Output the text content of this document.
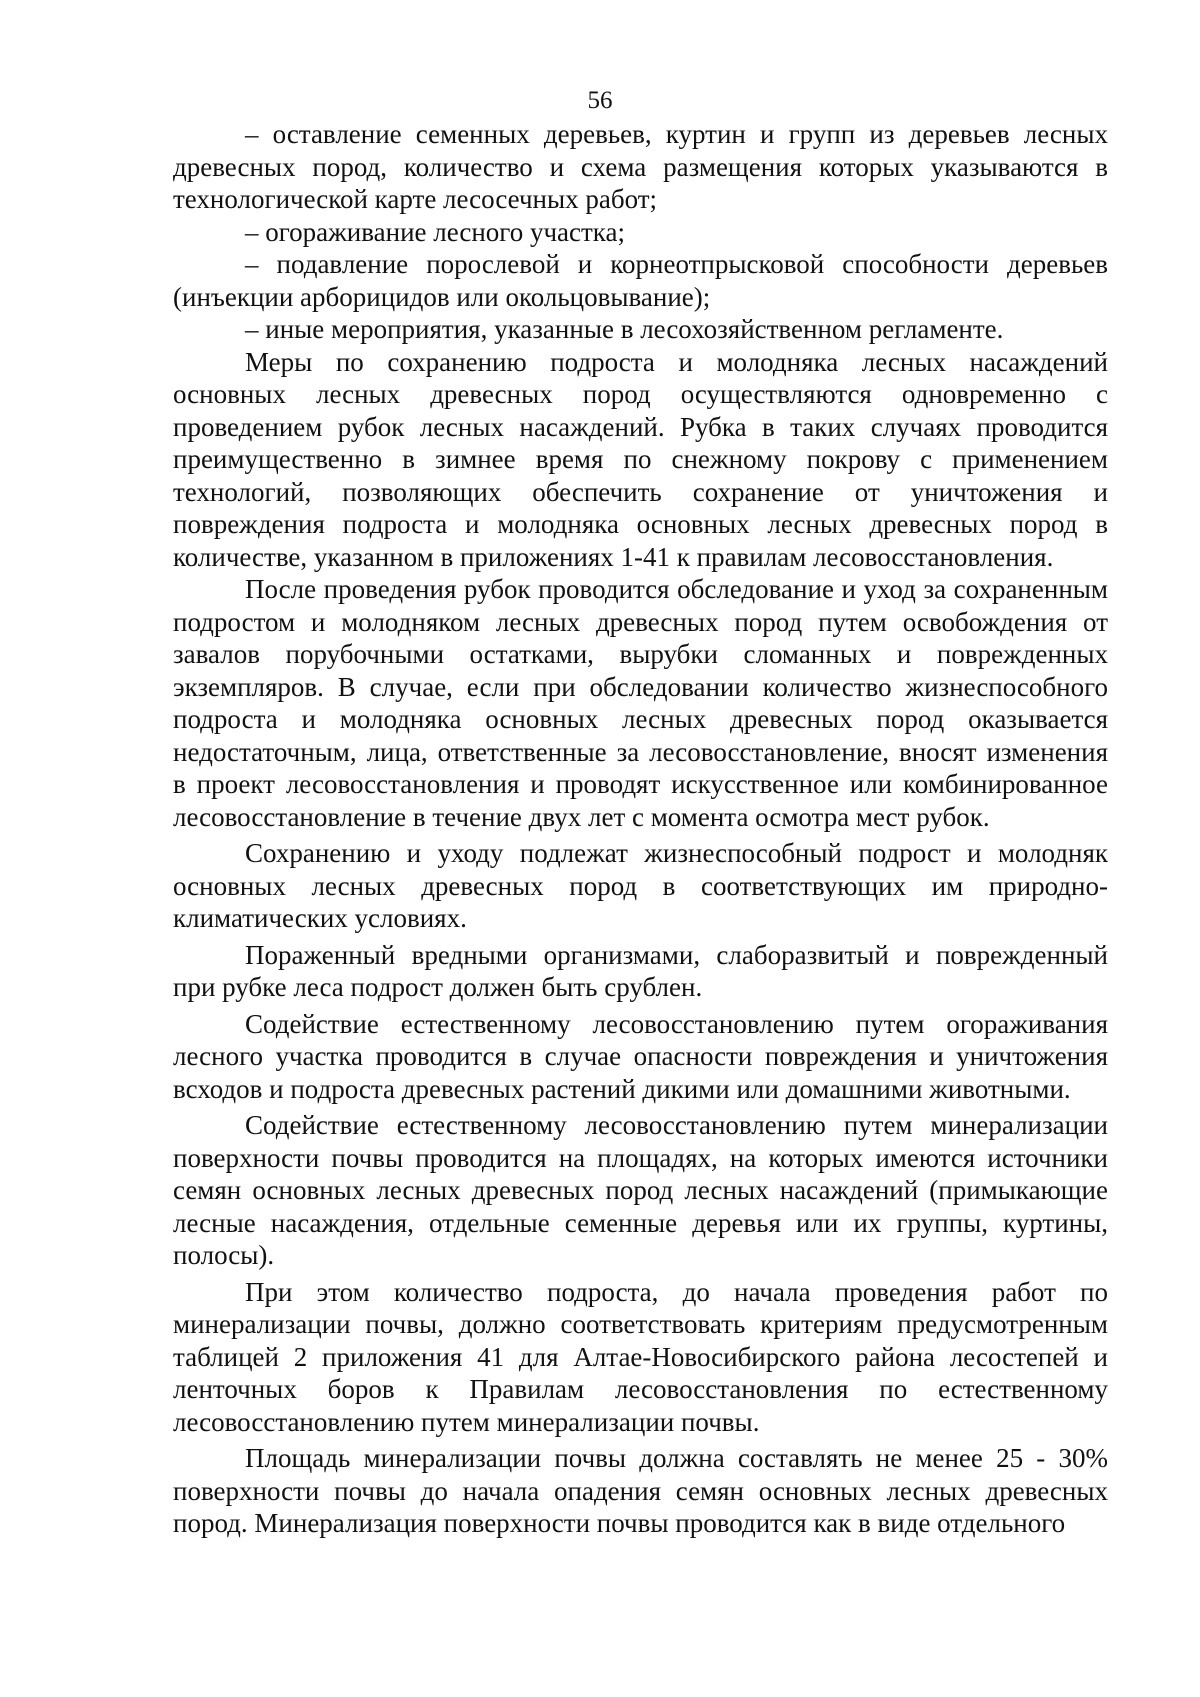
56

– оставление семенных деревьев, куртин и групп из деревьев лесных древесных пород, количество и схема размещения которых указываются в технологической карте лесосечных работ;

– огораживание лесного участка;

– подавление порослевой и корнеотпрысковой способности деревьев (инъекции арборицидов или окольцовывание);

– иные мероприятия, указанные в лесохозяйственном регламенте.

Меры по сохранению подроста и молодняка лесных насаждений основных лесных древесных пород осуществляются одновременно с проведением рубок лесных насаждений. Рубка в таких случаях проводится преимущественно в зимнее время по снежному покрову с применением технологий, позволяющих обеспечить сохранение от уничтожения и повреждения подроста и молодняка основных лесных древесных пород в количестве, указанном в приложениях 1-41 к правилам лесовосстановления.

После проведения рубок проводится обследование и уход за сохраненным подростом и молодняком лесных древесных пород путем освобождения от завалов порубочными остатками, вырубки сломанных и поврежденных экземпляров. В случае, если при обследовании количество жизнеспособного подроста и молодняка основных лесных древесных пород оказывается недостаточным, лица, ответственные за лесовосстановление, вносят изменения в проект лесовосстановления и проводят искусственное или комбинированное лесовосстановление в течение двух лет с момента осмотра мест рубок.

Сохранению и уходу подлежат жизнеспособный подрост и молодняк основных лесных древесных пород в соответствующих им природно-климатических условиях.

Пораженный вредными организмами, слаборазвитый и поврежденный при рубке леса подрост должен быть срублен.

Содействие естественному лесовосстановлению путем огораживания лесного участка проводится в случае опасности повреждения и уничтожения всходов и подроста древесных растений дикими или домашними животными.

Содействие естественному лесовосстановлению путем минерализации поверхности почвы проводится на площадях, на которых имеются источники семян основных лесных древесных пород лесных насаждений (примыкающие лесные насаждения, отдельные семенные деревья или их группы, куртины, полосы).

При этом количество подроста, до начала проведения работ по минерализации почвы, должно соответствовать критериям предусмотренным таблицей 2 приложения 41 для Алтае-Новосибирского района лесостепей и ленточных боров к Правилам лесовосстановления по естественному лесовосстановлению путем минерализации почвы.

Площадь минерализации почвы должна составлять не менее 25 - 30% поверхности почвы до начала опадения семян основных лесных древесных пород. Минерализация поверхности почвы проводится как в виде отдельного
